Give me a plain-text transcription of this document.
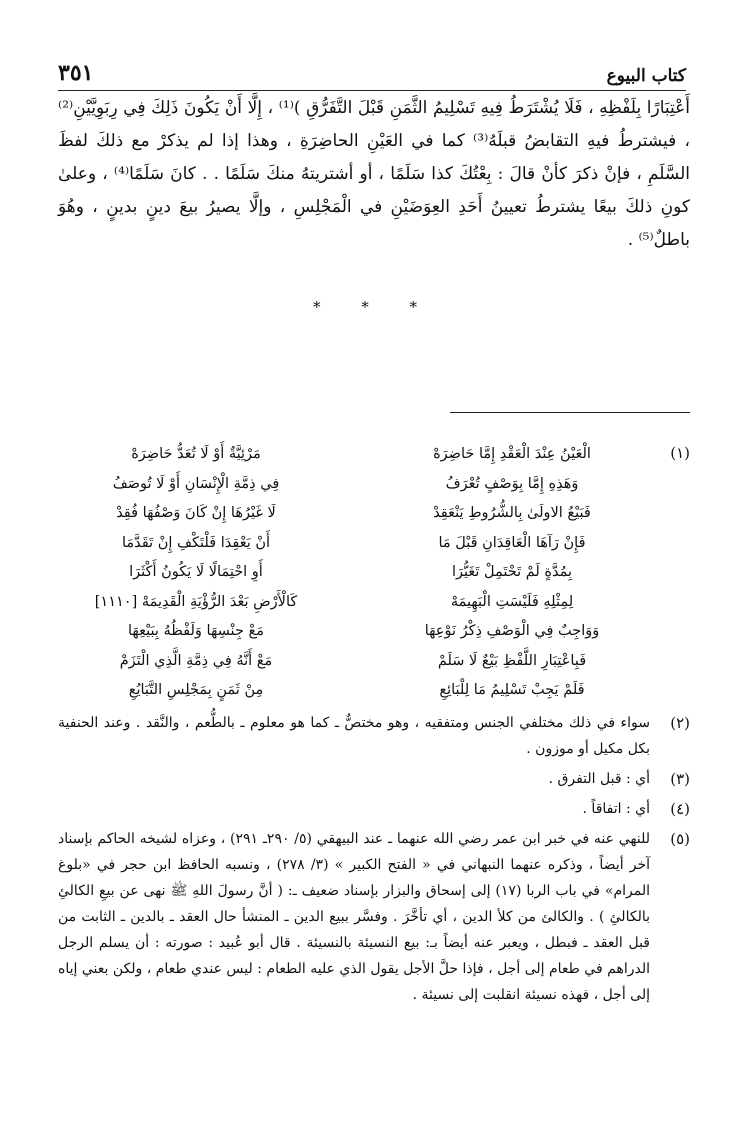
٣٥١	كتاب البيوع

أَعْتِبَارًا بِلَفْظِهِ ، فَلَا يُشْتَرَطُ فِيهِ تَسْلِيمُ الثَّمَنِ قَبْلَ التَّفَرُّقِ )⁽¹⁾ ، إِلَّا أَنْ يَكُونَ ذَلِكَ فِي رِبَوِيَّيْنِ⁽²⁾ ، فيشترطُ فيهِ التقابضُ قبلَهُ⁽³⁾ كما في العَيْنِ الحاضِرَةِ ، وهذا إذا لم يذكرْ مع ذلكَ لفظَ السَّلَمِ ، فإنْ ذكرَ كأنْ قالَ : بِعْتُكَ كذا سَلَمًا ، أو أشتريتهُ منكَ سَلَمًا . . كانَ سَلَمًا⁽⁴⁾ ، وعلىٰ كونِ ذلكَ بيعًا يشترطُ تعيينُ أَحَدِ العِوَضَيْنِ في الْمَجْلِسِ ، وإلَّا يصيرُ بيعَ دينٍ بدينٍ ، وهُوَ باطلٌ⁽⁵⁾ .

* * *
(١)
الْعَيْنُ عِنْدَ الْعَقْدِ إِمَّا حَاضِرَهْ
مَرْئِيَّةٌ أَوْ لَا تُعَدُّ حَاضِرَهْ
وَهَذِهِ إِمَّا بِوَصْفٍ تُعْرَفُ
فِي ذِمَّةِ الْإِنْسَانِ أَوْ لَا تُوصَفُ
فَبَيْعُ الاولَىٰ بِالشُّرُوطِ يَنْعَقِدْ
لَا غَيْرُهَا إِنْ كَانَ وَصْفُهَا فُقِدْ
فَإِنْ رَآهَا الْعَاقِدَانِ قَبْلَ مَا
أَنْ يَعْقِدَا فَلْتَكْفِ إِنْ تَقَدَّمَا
بِمُدَّةٍ لَمْ تَحْتَمِلْ تَغَيُّرَا
أَوِ احْتِمَالًا لَا يَكُونُ أَكْثَرَا
لِمِثْلِهِ فَلَيْسَتِ الْبَهِيمَهْ
كَالْأَرْضِ بَعْدَ الرُّؤْيَةِ الْقَدِيمَهْ [١١١٠]
وَوَاجِبٌ فِي الْوَصْفِ ذِكْرُ نَوْعِهَا
مَعْ جِنْسِهَا وَلَفْظُهُ بِبَيْعِهَا
فَبِاعْتِبَارِ اللَّفْظِ بَيْعٌ لَا سَلَمْ
مَعْ أَنَّهُ فِي ذِمَّةِ الَّذِي الْتَزَمْ
فَلَمْ يَجِبْ تَسْلِيمُ مَا لِلْبَائِعِ
مِنْ ثَمَنٍ بِمَجْلِسِ التَّبَايُعِ
(٢)
سواء في ذلك مختلفي الجنس ومتفقيه ، وهو مختصٌّ ـ كما هو معلوم ـ بالطُّعم ، والنَّقد . وعند الحنفية بكل مكيل أو موزون .
(٣)
أي : قبل التفرق .
(٤)
أي : اتفاقاً .
(٥)
للنهي عنه في خبر ابن عمر رضي الله عنهما ـ عند البيهقي (٥/ ٢٩٠ـ ٢٩١) ، وعزاه لشيخه الحاكم بإسناد آخر أيضاً ، وذكره عنهما النبهاني في « الفتح الكبير » (٣/ ٢٧٨) ، ونسبه الحافظ ابن حجر في «بلوغ المرام» في باب الربا (١٧) إلى إسحاق والبزار بإسناد ضعيف ـ: ( أنَّ رسولَ اللهِ ﷺ نهى عن بيعِ الكالئِ بالكالئِ ) . والكالئ من كلأ الدين ، أي تأخَّرَ . وفسَّر ببيع الدين ـ المنشأ حال العقد ـ بالدين ـ الثابت من قبل العقد ـ فبطل ، ويعبر عنه أيضاً بـ: بيع النسيئة بالنسيئة . قال أبو عُبيد : صورته : أن يسلم الرجل الدراهم في طعام إلى أجل ، فإذا حلَّ الأجل يقول الذي عليه الطعام : ليس عندي طعام ، ولكن بعني إياه إلى أجل ، فهذه نسيئة انقلبت إلى نسيئة .
